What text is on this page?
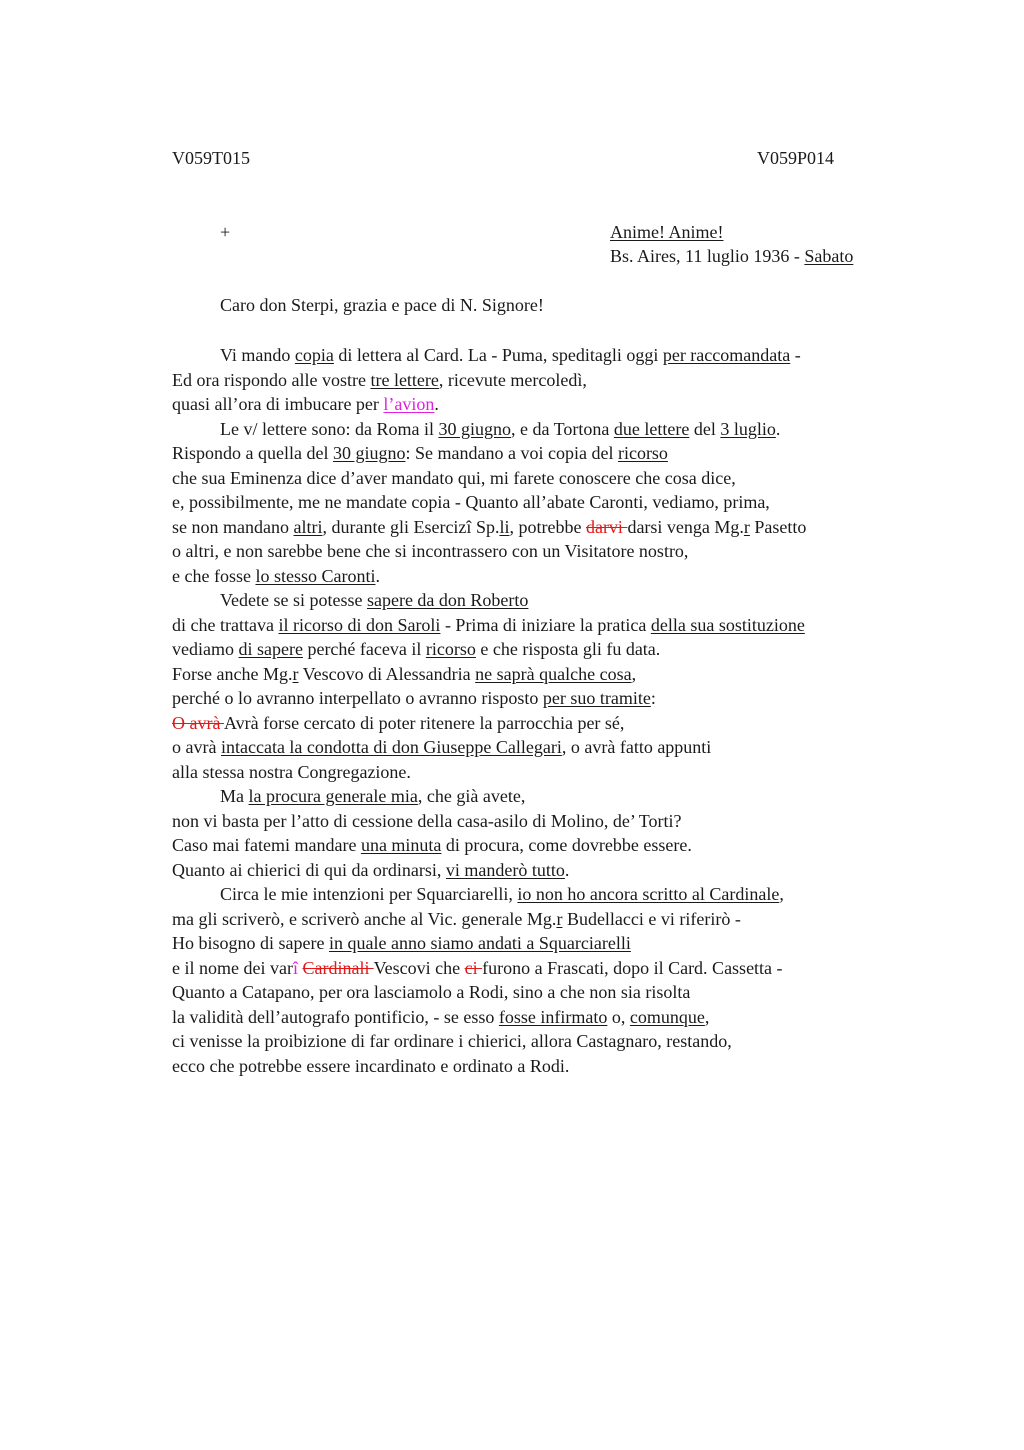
V059T015	V059P014
+	Anime! Anime!
Bs. Aires, 11 luglio 1936 - Sabato
Caro don Sterpi, grazia e pace di N. Signore!
Vi mando copia di lettera al Card. La - Puma, speditagli oggi per raccomandata -
Ed ora rispondo alle vostre tre lettere, ricevute mercoledì,
quasi all’ora di imbucare per l’avion.
Le v/ lettere sono: da Roma il 30 giugno, e da Tortona due lettere del 3 luglio.
Rispondo a quella del 30 giugno: Se mandano a voi copia del ricorso
che sua Eminenza dice d’aver mandato qui, mi farete conoscere che cosa dice,
e, possibilmente, me ne mandate copia - Quanto all’abate Caronti, vediamo, prima,
se non mandano altri, durante gli Esercizî Sp.li, potrebbe darvi darsi venga Mg.r Pasetto
o altri, e non sarebbe bene che si incontrassero con un Visitatore nostro,
e che fosse lo stesso Caronti.
Vedete se si potesse sapere da don Roberto
di che trattava il ricorso di don Saroli - Prima di iniziare la pratica della sua sostituzione
vediamo di sapere perché faceva il ricorso e che risposta gli fu data.
Forse anche Mg.r Vescovo di Alessandria ne saprà qualche cosa,
perché o lo avranno interpellato o avranno risposto per suo tramite:
O avrà Avrà forse cercato di poter ritenere la parrocchia per sé,
o avrà intaccata la condotta di don Giuseppe Callegari, o avrà fatto appunti
alla stessa nostra Congregazione.
Ma la procura generale mia, che già avete,
non vi basta per l’atto di cessione della casa-asilo di Molino, de’ Torti?
Caso mai fatemi mandare una minuta di procura, come dovrebbe essere.
Quanto ai chierici di qui da ordinarsi, vi manderò tutto.
Circa le mie intenzioni per Squarciarelli, io non ho ancora scritto al Cardinale,
ma gli scriverò, e scriverò anche al Vic. generale Mg.r Budellacci e vi riferirò -
Ho bisogno di sapere in quale anno siamo andati a Squarciarelli
e il nome dei varî Cardinali Vescovi che ci furono a Frascati, dopo il Card. Cassetta -
Quanto a Catapano, per ora lasciamolo a Rodi, sino a che non sia risolta
la validità dell’autografo pontificio, - se esso fosse infirmato o, comunque,
ci venisse la proibizione di far ordinare i chierici, allora Castagnaro, restando,
ecco che potrebbe essere incardinato e ordinato a Rodi.
